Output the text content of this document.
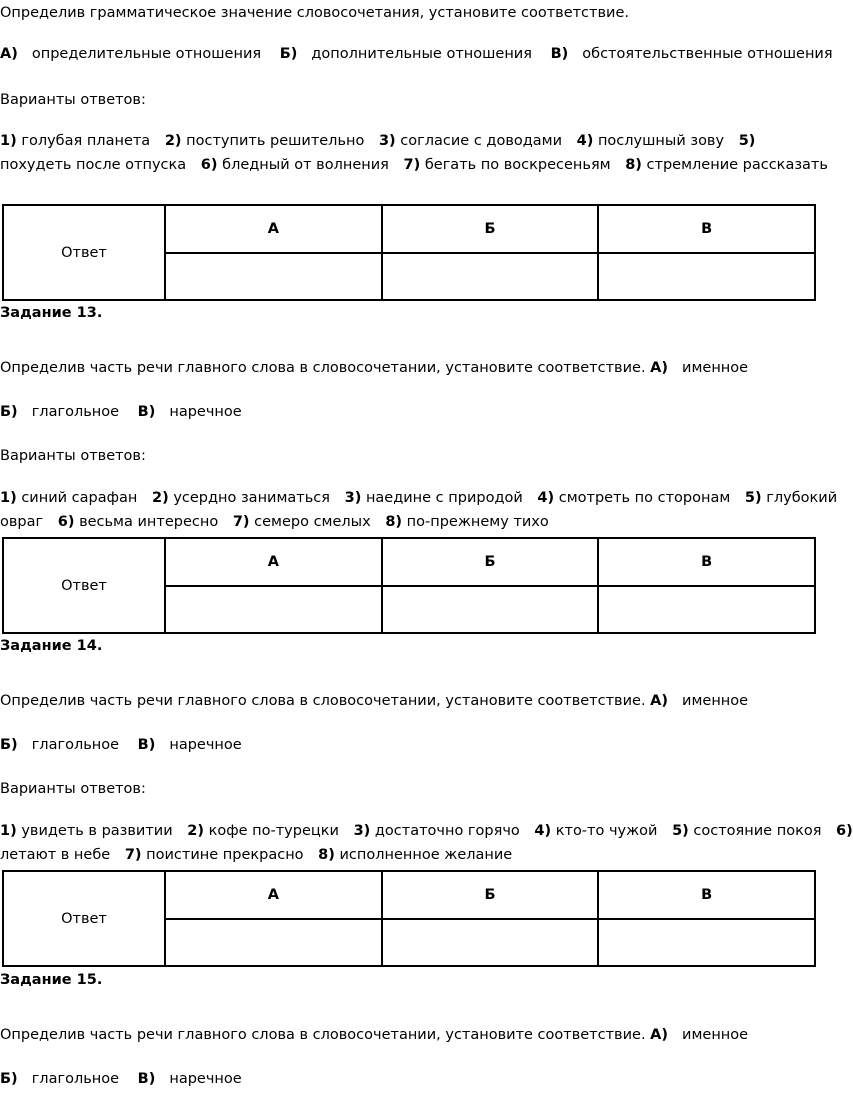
Определив грамматическое значение словосочетания, установите соответствие.
А) определительные отношения Б) дополнительные отношения В) обстоятельственные отношения
Варианты ответов:
1) голубая планета 2) поступить решительно 3) согласие с доводами 4) послушный зову 5)
похудеть после отпуска 6) бледный от волнения 7) бегать по воскресеньям 8) стремление рассказать
Ответ	А	Б	В

Задание 13.
Определив часть речи главного слова в словосочетании, установите соответствие. А) именное
Б) глагольное В) наречное
Варианты ответов:
1) синий сарафан 2) усердно заниматься 3) наедине с природой 4) смотреть по сторонам 5) глубокий
овраг 6) весьма интересно 7) семеро смелых 8) по-прежнему тихо
Ответ	А	Б	В

Задание 14.
Определив часть речи главного слова в словосочетании, установите соответствие. А) именное
Б) глагольное В) наречное
Варианты ответов:
1) увидеть в развитии 2) кофе по-турецки 3) достаточно горячо 4) кто-то чужой 5) состояние покоя 6)
летают в небе 7) поистине прекрасно 8) исполненное желание
Ответ	А	Б	В

Задание 15.
Определив часть речи главного слова в словосочетании, установите соответствие. А) именное
Б) глагольное В) наречное
